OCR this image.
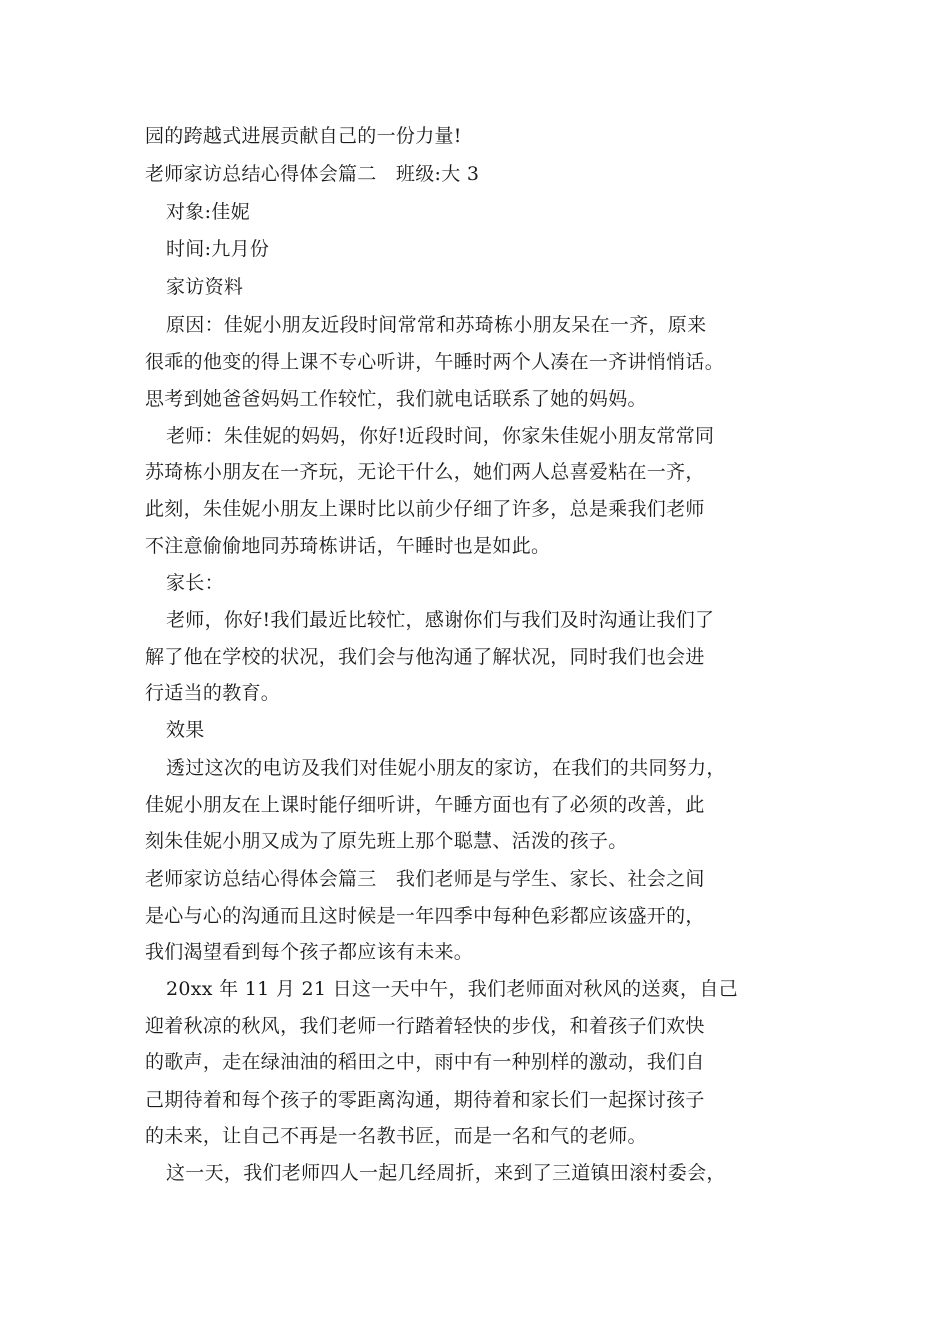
园的跨越式进展贡献自己的一份力量!
老师家访总结心得体会篇二　班级:大 3
对象:佳妮
时间:九月份
家访资料
原因：佳妮小朋友近段时间常常和苏琦栋小朋友呆在一齐，原来
很乖的他变的得上课不专心听讲，午睡时两个人凑在一齐讲悄悄话。
思考到她爸爸妈妈工作较忙，我们就电话联系了她的妈妈。
老师：朱佳妮的妈妈，你好!近段时间，你家朱佳妮小朋友常常同
苏琦栋小朋友在一齐玩，无论干什么，她们两人总喜爱粘在一齐，
此刻，朱佳妮小朋友上课时比以前少仔细了许多，总是乘我们老师
不注意偷偷地同苏琦栋讲话，午睡时也是如此。
家长：
老师，你好!我们最近比较忙，感谢你们与我们及时沟通让我们了
解了他在学校的状况，我们会与他沟通了解状况，同时我们也会进
行适当的教育。
效果
透过这次的电访及我们对佳妮小朋友的家访，在我们的共同努力，
佳妮小朋友在上课时能仔细听讲，午睡方面也有了必须的改善，此
刻朱佳妮小朋又成为了原先班上那个聪慧、活泼的孩子。
老师家访总结心得体会篇三　我们老师是与学生、家长、社会之间
是心与心的沟通而且这时候是一年四季中每种色彩都应该盛开的，
我们渴望看到每个孩子都应该有未来。
20xx 年 11 月 21 日这一天中午，我们老师面对秋风的送爽，自己
迎着秋凉的秋风，我们老师一行踏着轻快的步伐，和着孩子们欢快
的歌声，走在绿油油的稻田之中，雨中有一种别样的激动，我们自
己期待着和每个孩子的零距离沟通，期待着和家长们一起探讨孩子
的未来，让自己不再是一名教书匠，而是一名和气的老师。
这一天，我们老师四人一起几经周折，来到了三道镇田滚村委会，
